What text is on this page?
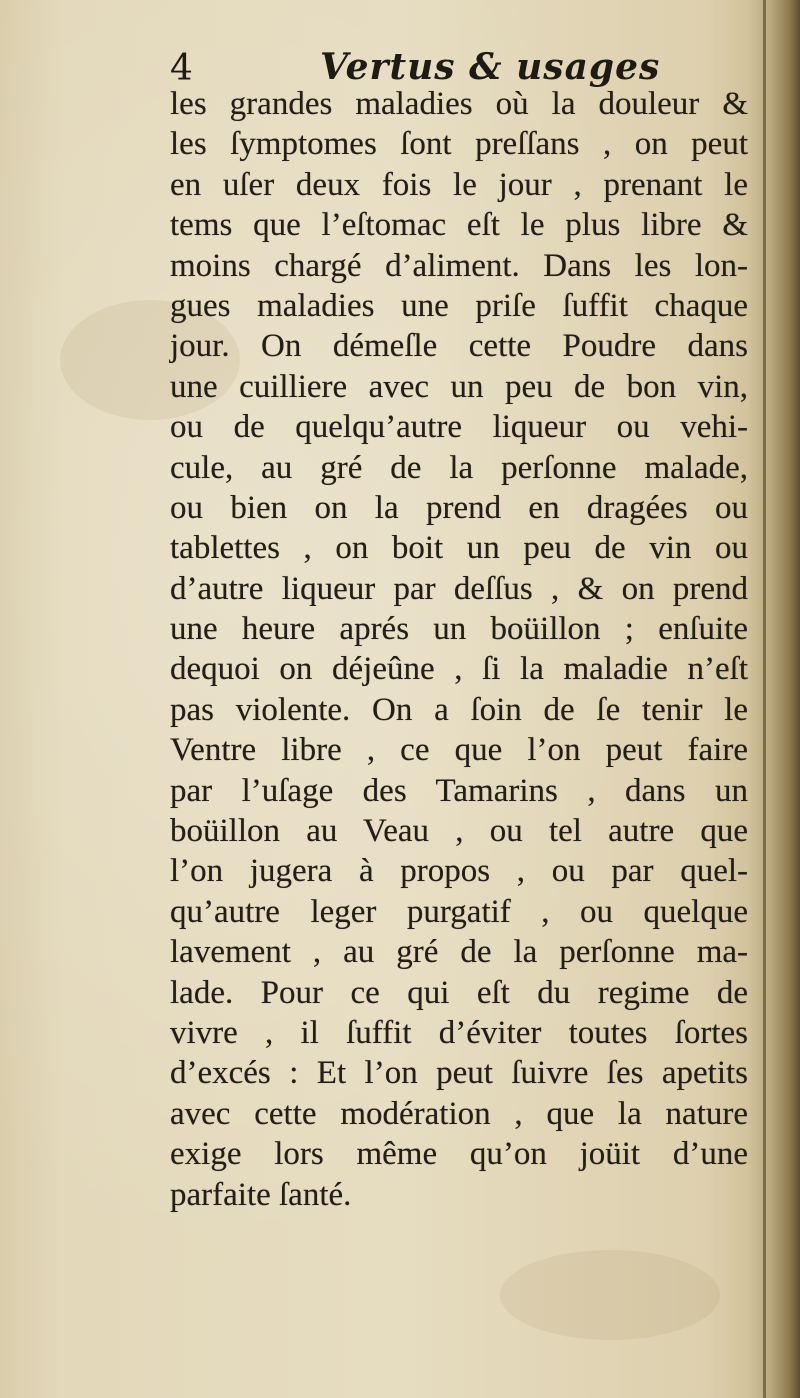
4	Vertus & usages
les grandes maladies où la douleur &
les ſymptomes ſont preſſans , on peut
en uſer deux fois le jour , prenant le
tems que l’eſtomac eſt le plus libre &
moins chargé d’aliment. Dans les lon-
gues maladies une priſe ſuffit chaque
jour. On démeſle cette Poudre dans
une cuilliere avec un peu de bon vin,
ou de quelqu’autre liqueur ou vehi-
cule, au gré de la perſonne malade,
ou bien on la prend en dragées ou
tablettes , on boit un peu de vin ou
d’autre liqueur par deſſus , & on prend
une heure aprés un boüillon ; enſuite
dequoi on déjeûne , ſi la maladie n’eſt
pas violente. On a ſoin de ſe tenir le
Ventre libre , ce que l’on peut faire
par l’uſage des Tamarins , dans un
boüillon au Veau , ou tel autre que
l’on jugera à propos , ou par quel-
qu’autre leger purgatif , ou quelque
lavement , au gré de la perſonne ma-
lade. Pour ce qui eſt du regime de
vivre , il ſuffit d’éviter toutes ſortes
d’excés : Et l’on peut ſuivre ſes apetits
avec cette modération , que la nature
exige lors même qu’on joüit d’une
parfaite ſanté.
